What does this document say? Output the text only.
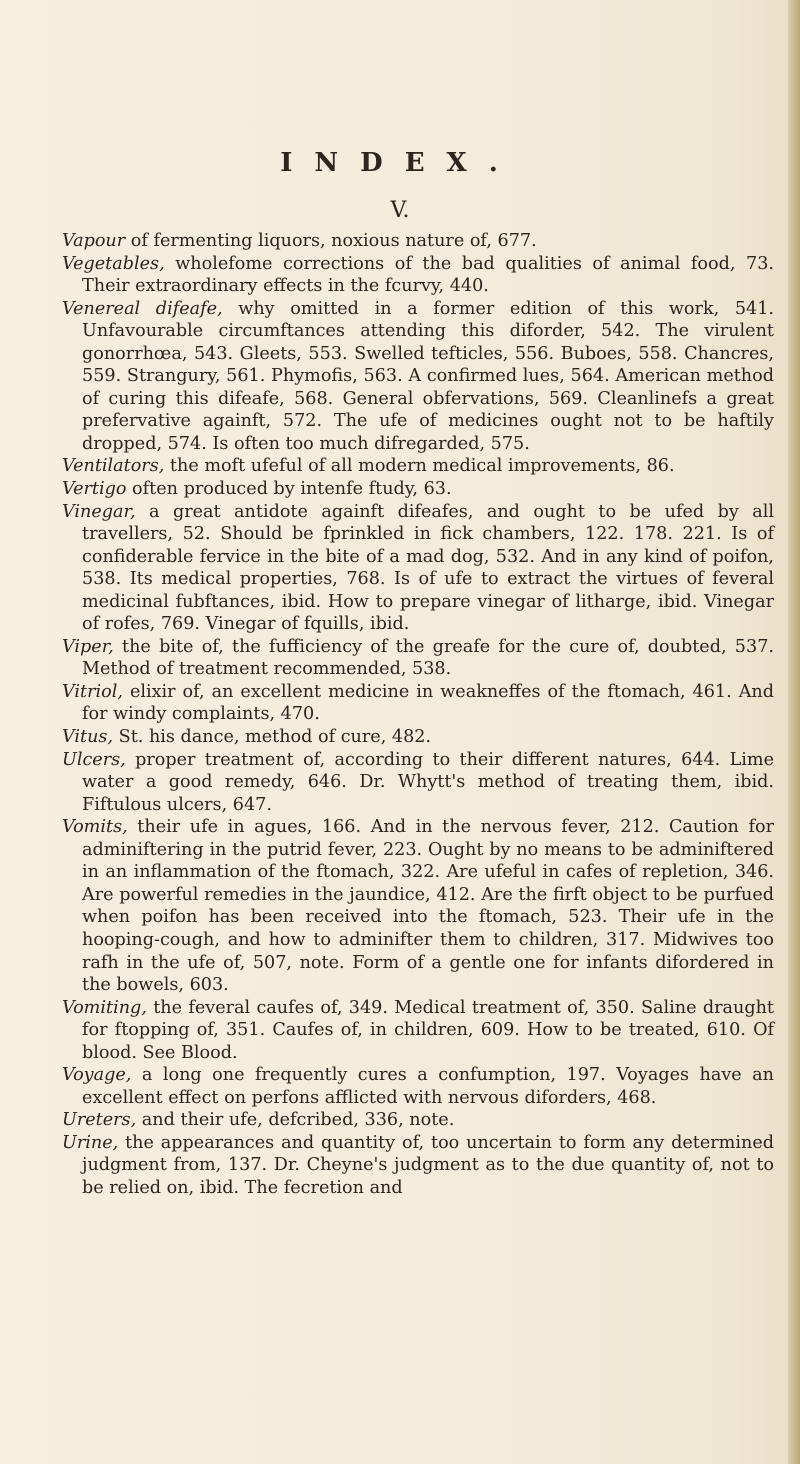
INDEX.
V.

Vapour of fermenting liquors, noxious nature of, 677.

Vegetables, wholefome corrections of the bad qualities of animal food, 73. Their extraordinary effects in the fcurvy, 440.

Venereal difeafe, why omitted in a former edition of this work, 541. Unfavourable circumftances attending this diforder, 542. The virulent gonorrhœa, 543. Gleets, 553. Swelled tefticles, 556. Buboes, 558. Chancres, 559. Strangury, 561. Phymofis, 563. A confirmed lues, 564. American method of curing this difeafe, 568. General obfervations, 569. Cleanlinefs a great prefervative againft, 572. The ufe of medicines ought not to be haftily dropped, 574. Is often too much difregarded, 575.

Ventilators, the moft ufeful of all modern medical improvements, 86.

Vertigo often produced by intenfe ftudy, 63.

Vinegar, a great antidote againft difeafes, and ought to be ufed by all travellers, 52. Should be fprinkled in fick chambers, 122. 178. 221. Is of confiderable fervice in the bite of a mad dog, 532. And in any kind of poifon, 538. Its medical properties, 768. Is of ufe to extract the virtues of feveral medicinal fubftances, ibid. How to prepare vinegar of litharge, ibid. Vinegar of rofes, 769. Vinegar of fquills, ibid.

Viper, the bite of, the fufficiency of the greafe for the cure of, doubted, 537. Method of treatment recommended, 538.

Vitriol, elixir of, an excellent medicine in weakneffes of the ftomach, 461. And for windy complaints, 470.

Vitus, St. his dance, method of cure, 482.

Ulcers, proper treatment of, according to their different natures, 644. Lime water a good remedy, 646. Dr. Whytt's method of treating them, ibid. Fiftulous ulcers, 647.

Vomits, their ufe in agues, 166. And in the nervous fever, 212. Caution for adminiftering in the putrid fever, 223. Ought by no means to be adminiftered in an inflammation of the ftomach, 322. Are ufeful in cafes of repletion, 346. Are powerful remedies in the jaundice, 412. Are the firft object to be purfued when poifon has been received into the ftomach, 523. Their ufe in the hooping-cough, and how to adminifter them to children, 317. Midwives too rafh in the ufe of, 507, note. Form of a gentle one for infants difordered in the bowels, 603.

Vomiting, the feveral caufes of, 349. Medical treatment of, 350. Saline draught for ftopping of, 351. Caufes of, in children, 609. How to be treated, 610. Of blood. See Blood.

Voyage, a long one frequently cures a confumption, 197. Voyages have an excellent effect on perfons afflicted with nervous diforders, 468.

Ureters, and their ufe, defcribed, 336, note.

Urine, the appearances and quantity of, too uncertain to form any determined judgment from, 137. Dr. Cheyne's judgment as to the due quantity of, not to be relied on, ibid. The fecretion and
